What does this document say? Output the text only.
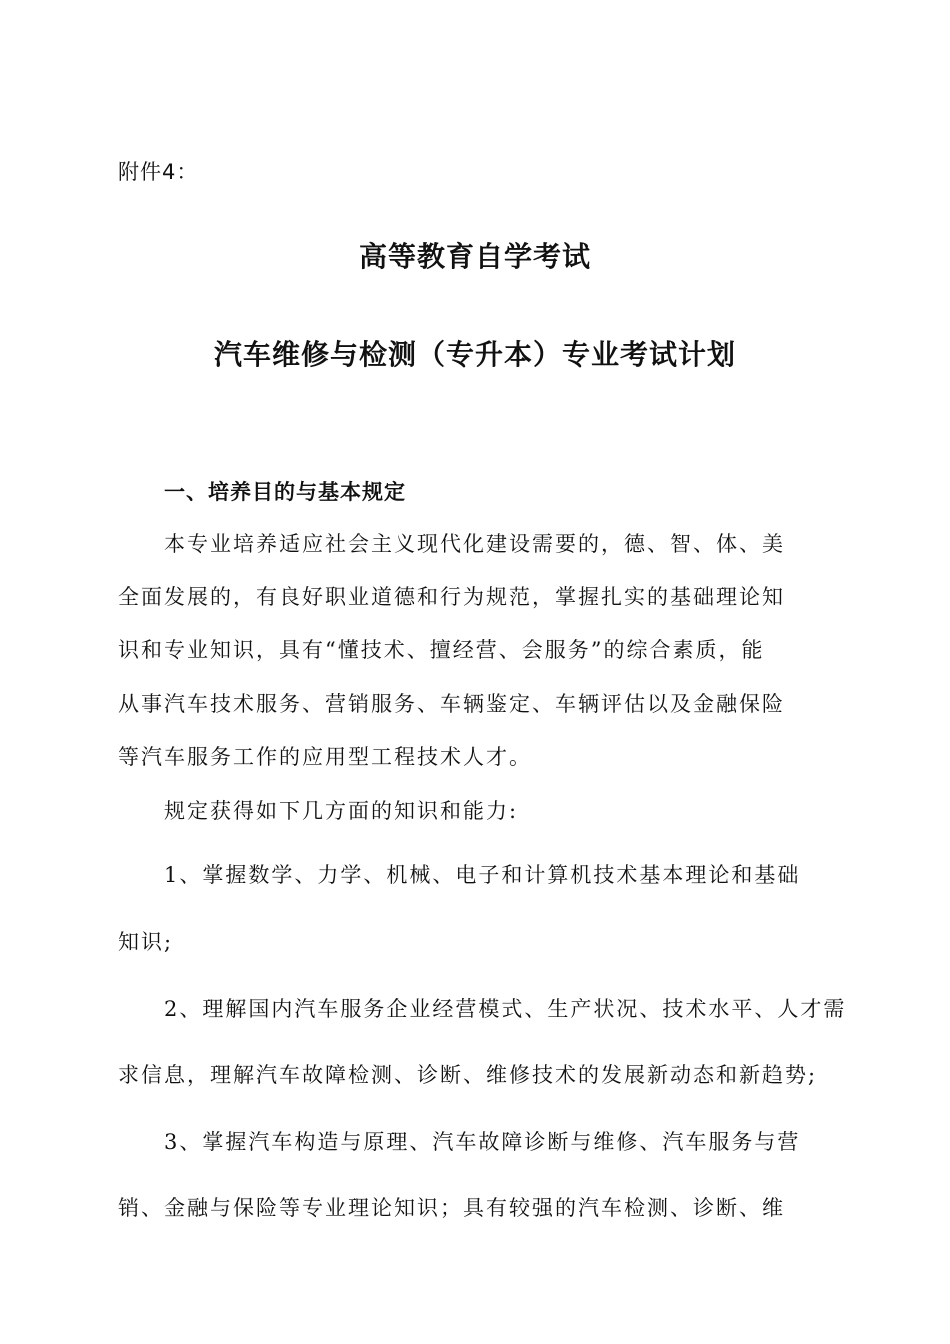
附件4：
高等教育自学考试
汽车维修与检测（专升本）专业考试计划
一、培养目的与基本规定
本专业培养适应社会主义现代化建设需要的，德、智、体、美
全面发展的，有良好职业道德和行为规范，掌握扎实的基础理论知
识和专业知识，具有“懂技术、擅经营、会服务”的综合素质，能
从事汽车技术服务、营销服务、车辆鉴定、车辆评估以及金融保险
等汽车服务工作的应用型工程技术人才。
规定获得如下几方面的知识和能力:
1、掌握数学、力学、机械、电子和计算机技术基本理论和基础
知识;
2、理解国内汽车服务企业经营模式、生产状况、技术水平、人才需
求信息，理解汽车故障检测、诊断、维修技术的发展新动态和新趋势;
3、掌握汽车构造与原理、汽车故障诊断与维修、汽车服务与营
销、金融与保险等专业理论知识；具有较强的汽车检测、诊断、维
